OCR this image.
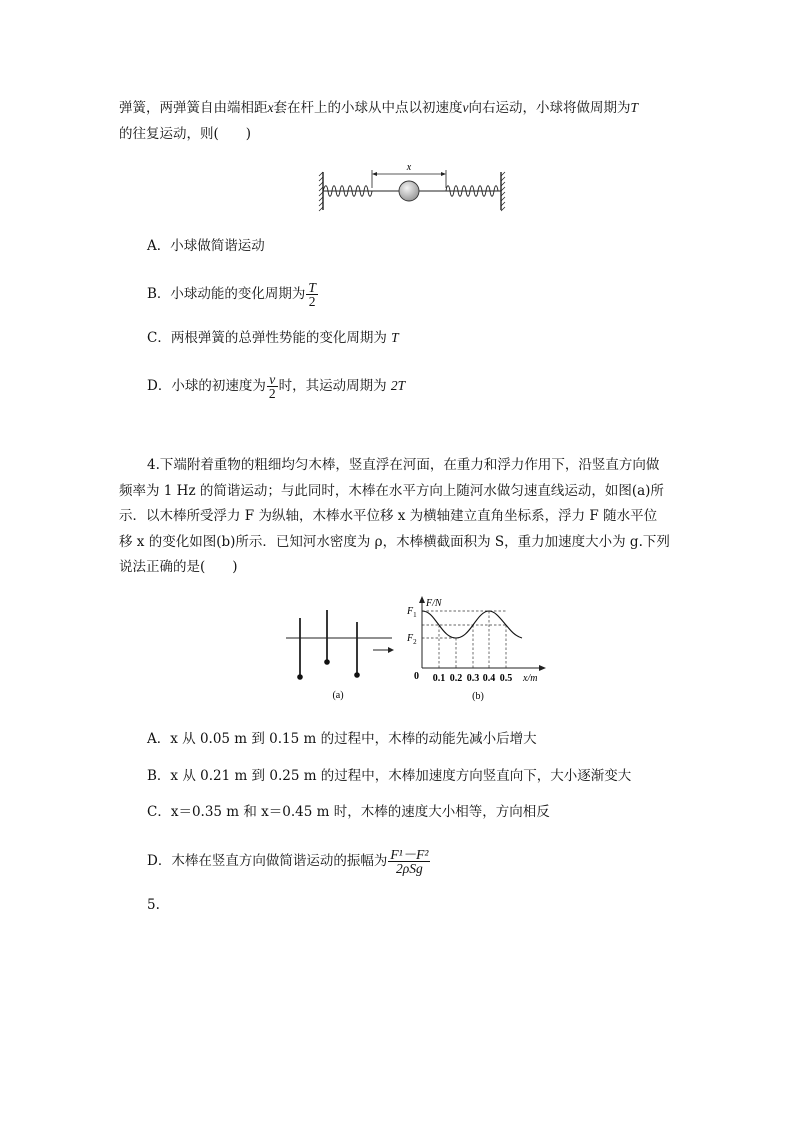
弹簧，两弹簧自由端相距x套在杆上的小球从中点以初速度v向右运动，小球将做周期为T
的往复运动，则(　　)
x
A．小球做简谐运动
B．小球动能的变化周期为 $\frac{T}{2}$
C．两根弹簧的总弹性势能的变化周期为 T
D．小球的初速度为 $\frac{v}{2}$ 时，其运动周期为 2T
4.下端附着重物的粗细均匀木棒，竖直浮在河面，在重力和浮力作用下，沿竖直方向做
频率为 1 Hz 的简谐运动；与此同时，木棒在水平方向上随河水做匀速直线运动，如图(a)所
示．以木棒所受浮力 F 为纵轴，木棒水平位移 x 为横轴建立直角坐标系，浮力 F 随水平位
移 x 的变化如图(b)所示．已知河水密度为 ρ，木棒横截面积为 S，重力加速度大小为 g.下列
说法正确的是(　　)
(a)
F/N
x/m
0
$F_1$
$F_2$
0.1 0.2 0.3 0.4 0.5
(b)
A．x 从 0.05 m 到 0.15 m 的过程中，木棒的动能先减小后增大
B．x 从 0.21 m 到 0.25 m 的过程中，木棒加速度方向竖直向下，大小逐渐变大
C．x＝0.35 m 和 x＝0.45 m 时，木棒的速度大小相等，方向相反
D．木棒在竖直方向做简谐运动的振幅为 $\frac{\text{F¹－F²}}{\text{2ρSg}}$
5.
